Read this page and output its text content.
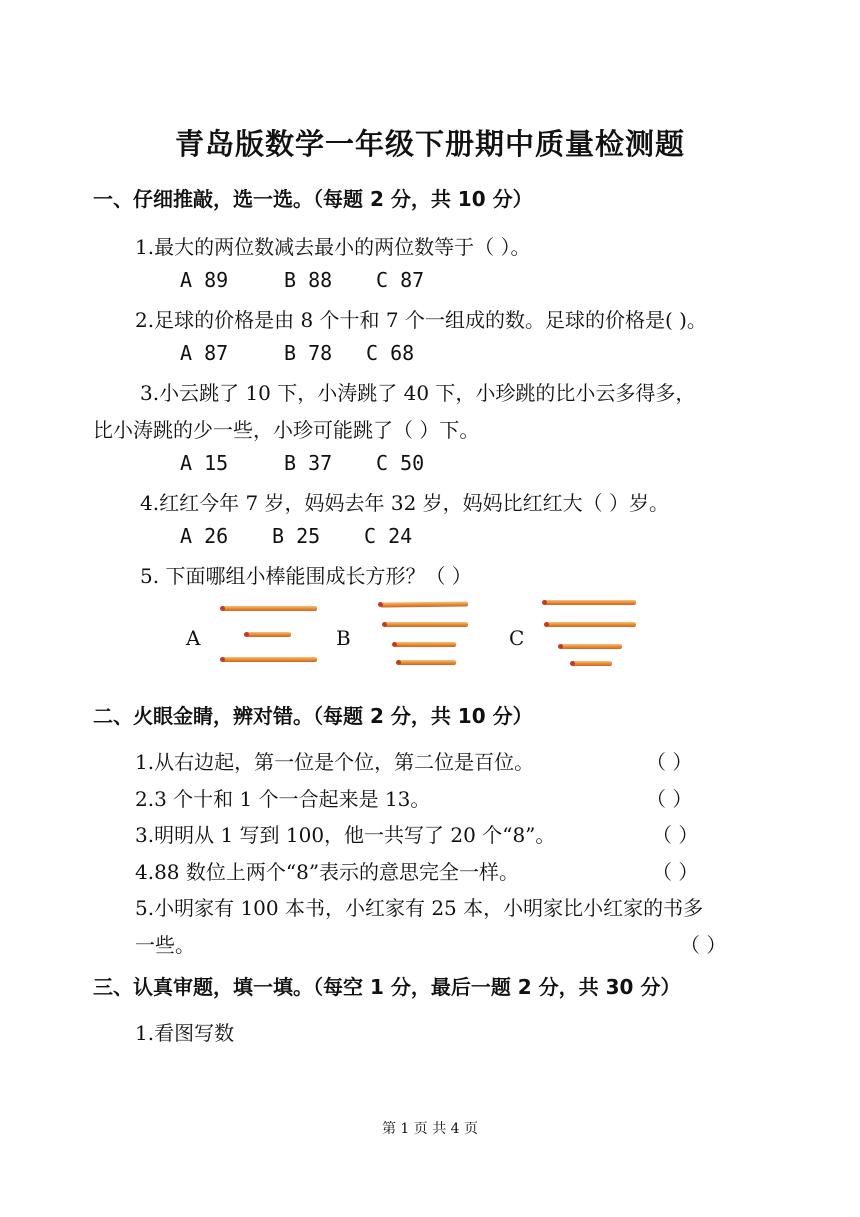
青岛版数学一年级下册期中质量检测题
一、仔细推敲，选一选。（每题 2 分，共 10 分）
1.最大的两位数减去最小的两位数等于（ ）。
A 89	B 88 C 87
2.足球的价格是由 8 个十和 7 个一组成的数。足球的价格是( )。
A 87	B 78 C 68
3.小云跳了 10 下，小涛跳了 40 下，小珍跳的比小云多得多，
比小涛跳的少一些，小珍可能跳了（ ）下。
A 15	B 37 C 50
4.红红今年 7 岁，妈妈去年 32 岁，妈妈比红红大（ ）岁。
A 26 B 25 C 24
5. 下面哪组小棒能围成长方形？（ ）
A	B	C
二、火眼金睛，辨对错。（每题 2 分，共 10 分）
1.从右边起，第一位是个位，第二位是百位。	（ ）
2.3 个十和 1 个一合起来是 13。	（ ）
3.明明从 1 写到 100，他一共写了 20 个“8”。	（ ）
4.88 数位上两个“8”表示的意思完全一样。	（ ）
5.小明家有 100 本书，小红家有 25 本，小明家比小红家的书多
一些。	（ ）
三、认真审题，填一填。（每空 1 分，最后一题 2 分，共 30 分）
1.看图写数
第 1 页 共 4 页
